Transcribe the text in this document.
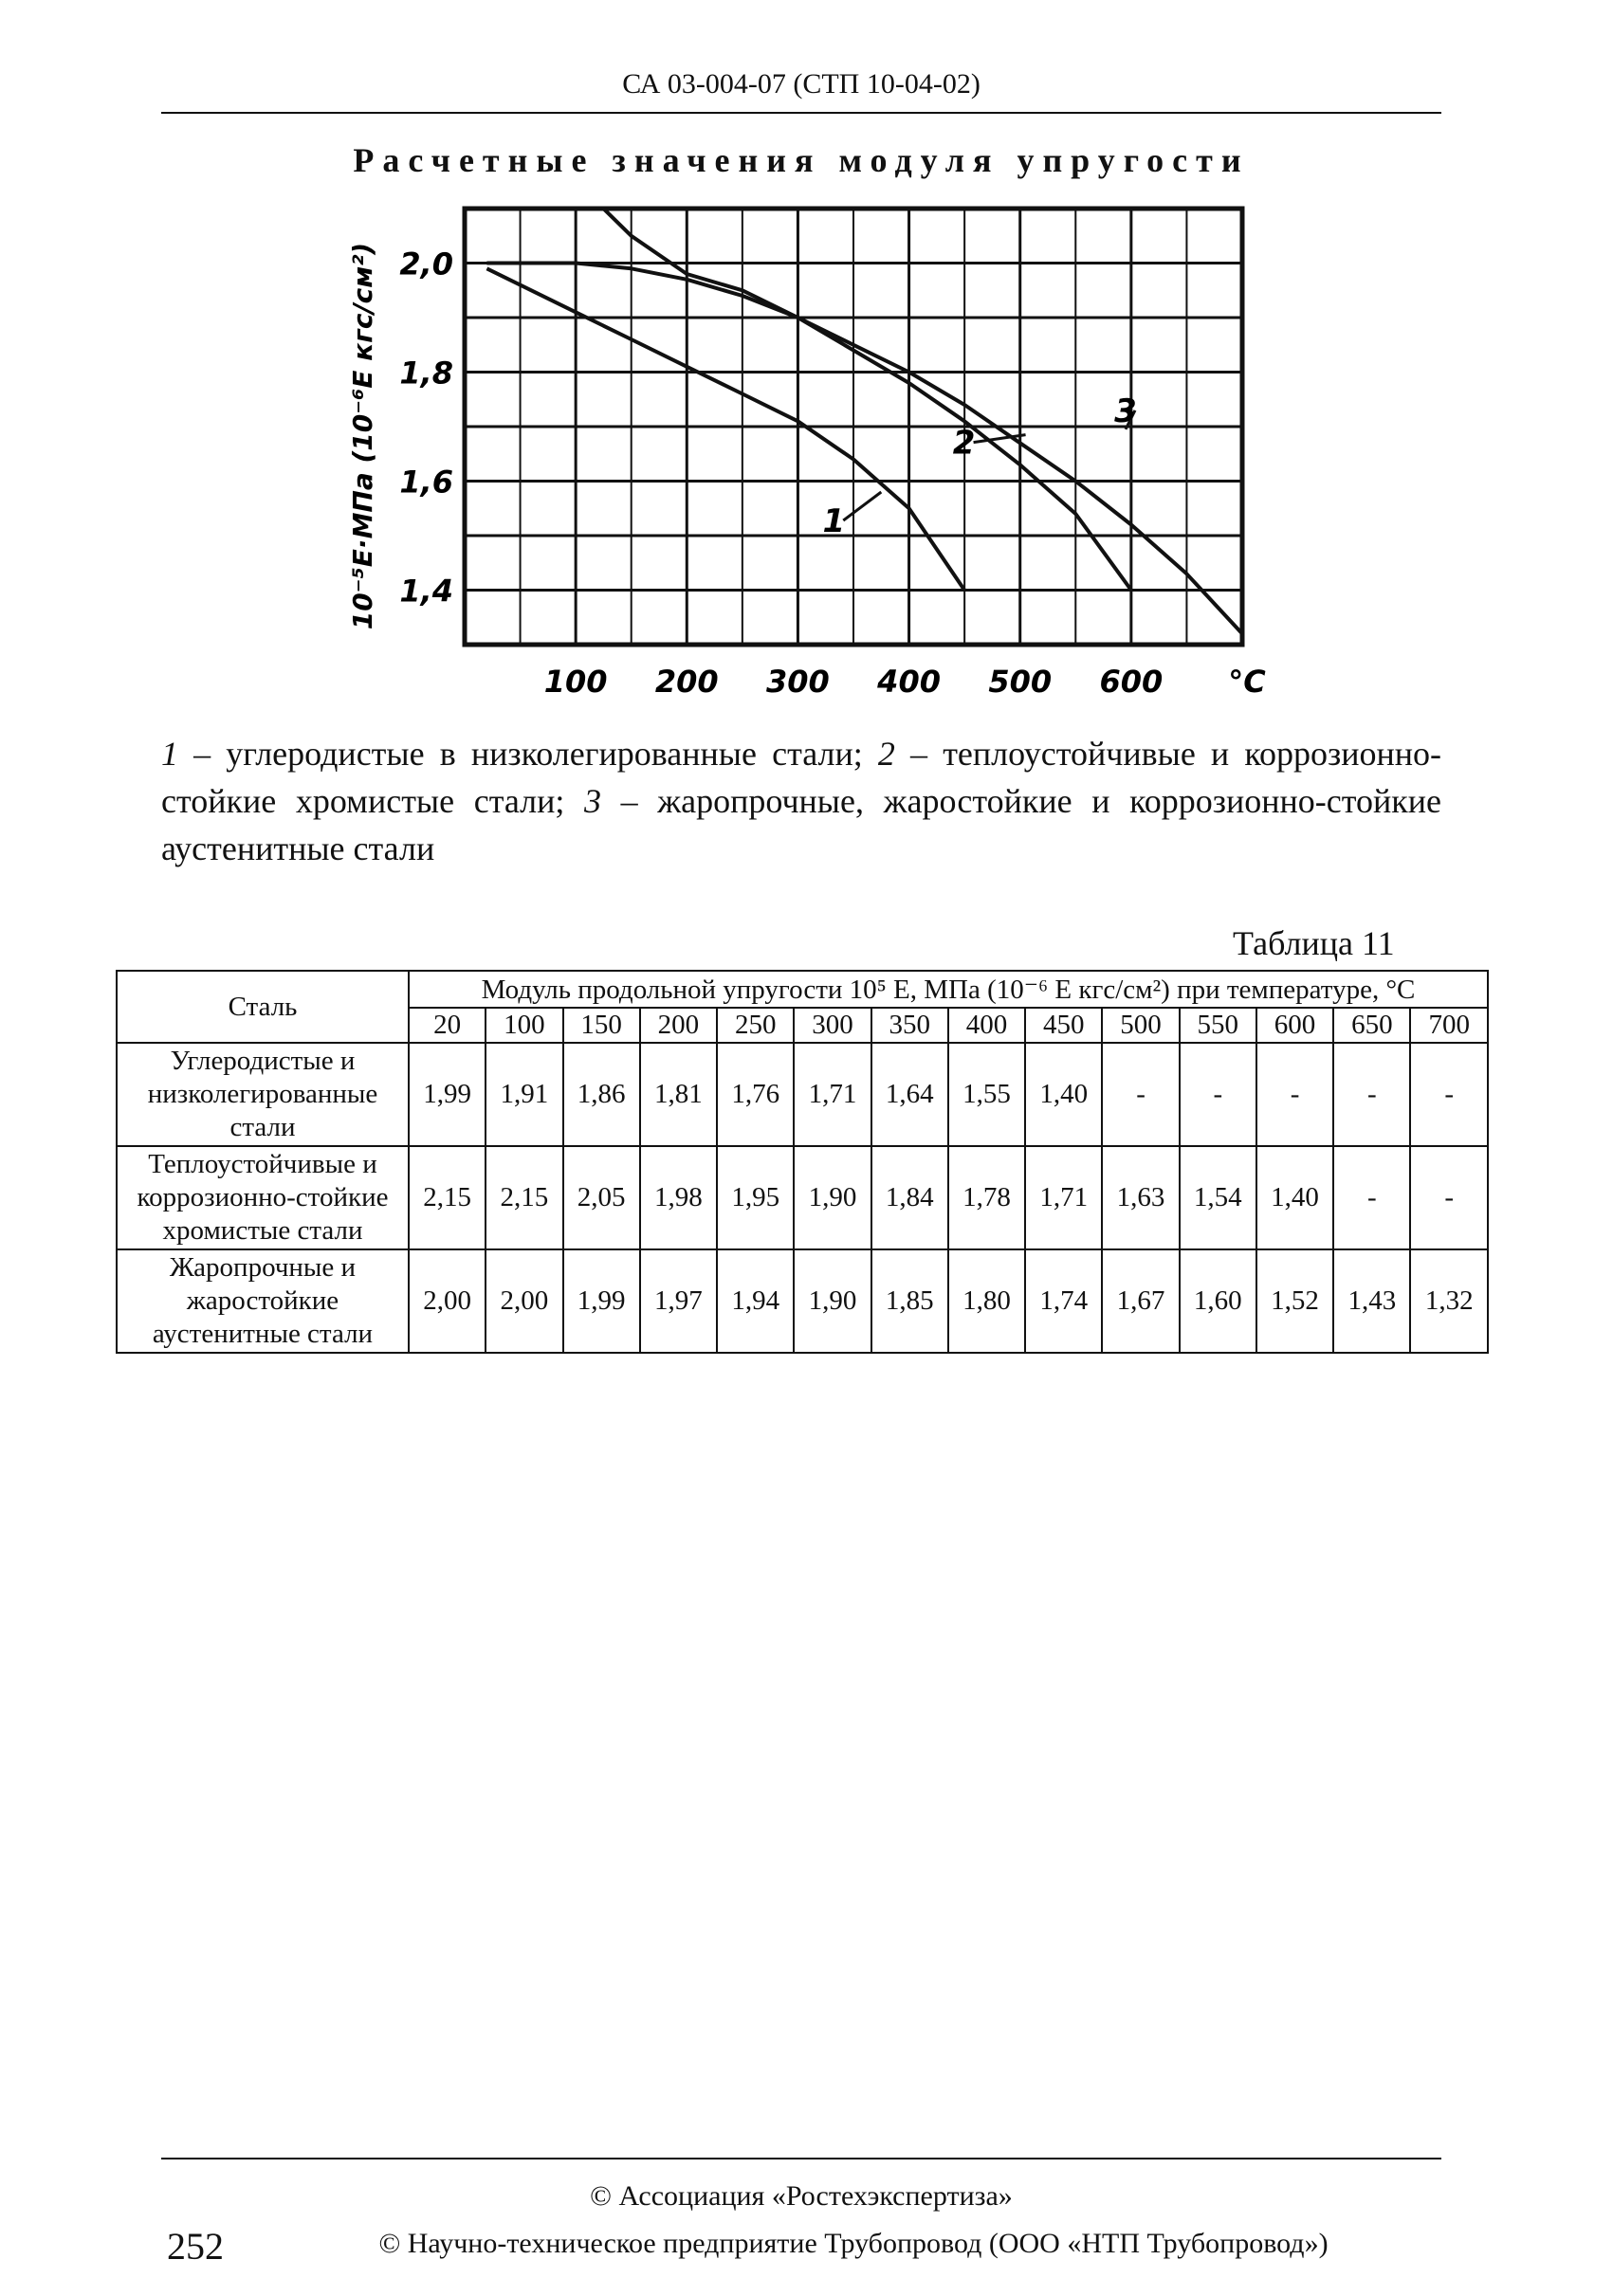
СА 03-004-07 (СТП 10-04-02)
Расчетные значения модуля упругости
100 200 300 400 500 600 °C
1,4
1,6
1,8
2,0
10⁻⁵E·МПа (10⁻⁶E кгс/см²)	1
2
3
1 – углеродистые в низколегированные стали; 2 – теплоустойчивые и коррозионно-стойкие хромистые стали; 3 – жаропрочные, жаростойкие и коррозионно-стойкие аустенитные стали
Таблица 11
Сталь	Модуль продольной упругости 10⁵ E, МПа (10⁻⁶ E кгс/см²) при температуре, °С													
	20	100	150	200	250	300	350	400	450	500	550	600	650	700
Углеродистые и низколегированные стали	1,99	1,91	1,86	1,81	1,76	1,71	1,64	1,55	1,40	-	-	-	-	-
Теплоустойчивые и коррозионно-стойкие хромистые стали	2,15	2,15	2,05	1,98	1,95	1,90	1,84	1,78	1,71	1,63	1,54	1,40	-	-
Жаропрочные и жаростойкие аустенитные стали	2,00	2,00	1,99	1,97	1,94	1,90	1,85	1,80	1,74	1,67	1,60	1,52	1,43	1,32
© Ассоциация «Ростехэкспертиза»
252	© Научно-техническое предприятие Трубопровод (ООО «НТП Трубопровод»)
